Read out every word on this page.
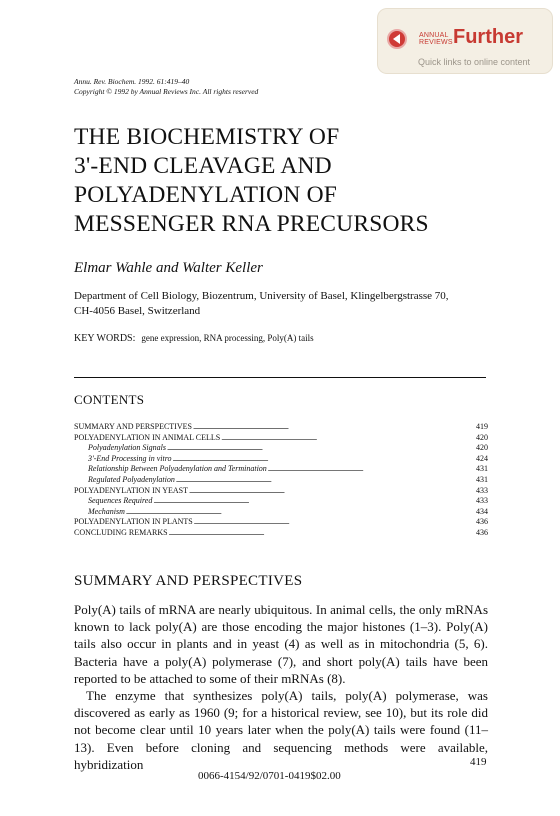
ANNUAL
REVIEWS Further
Quick links to online content
Annu. Rev. Biochem. 1992. 61:419–40
Copyright © 1992 by Annual Reviews Inc. All rights reserved
THE BIOCHEMISTRY OF
3'-END CLEAVAGE AND
POLYADENYLATION OF
MESSENGER RNA PRECURSORS
Elmar Wahle and Walter Keller
Department of Cell Biology, Biozentrum, University of Basel, Klingelbergstrasse 70,
CH-4056 Basel, Switzerland
KEY WORDS: gene expression, RNA processing, Poly(A) tails
CONTENTS
SUMMARY AND PERSPECTIVES . . .	419
POLYADENYLATION IN ANIMAL CELLS . . .	420
Polyadenylation Signals . . .	420
3'-End Processing in vitro . . .	424
Relationship Between Polyadenylation and Termination . . .	431
Regulated Polyadenylation . . .	431
POLYADENYLATION IN YEAST . . .	433
Sequences Required . . .	433
Mechanism . . .	434
POLYADENYLATION IN PLANTS . . .	436
CONCLUDING REMARKS . . .	436
SUMMARY AND PERSPECTIVES

Poly(A) tails of mRNA are nearly ubiquitous. In animal cells, the only mRNAs known to lack poly(A) are those encoding the major histones (1–3). Poly(A) tails also occur in plants and in yeast (4) as well as in mitochondria (5, 6). Bacteria have a poly(A) polymerase (7), and short poly(A) tails have been reported to be attached to some of their mRNAs (8).

The enzyme that synthesizes poly(A) tails, poly(A) polymerase, was discovered as early as 1960 (9; for a historical review, see 10), but its role did not become clear until 10 years later when the poly(A) tails were found (11–13). Even before cloning and sequencing methods were available, hybridization	419
0066-4154/92/0701-0419$02.00
